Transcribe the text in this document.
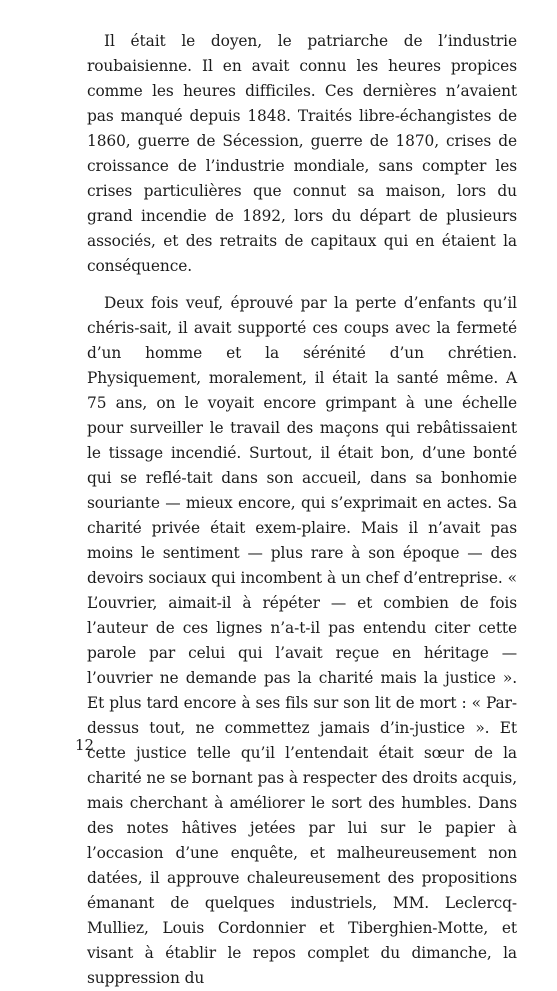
Il était le doyen, le patriarche de l’industrie roubaisienne. Il en avait connu les heures propices comme les heures difficiles. Ces dernières n’avaient pas manqué depuis 1848. Traités libre-échangistes de 1860, guerre de Sécession, guerre de 1870, crises de croissance de l’industrie mondiale, sans compter les crises particulières que connut sa maison, lors du grand incendie de 1892, lors du départ de plusieurs associés, et des retraits de capitaux qui en étaient la conséquence.

Deux fois veuf, éprouvé par la perte d’enfants qu’il chéris-sait, il avait supporté ces coups avec la fermeté d’un homme et la sérénité d’un chrétien. Physiquement, moralement, il était la santé même. A 75 ans, on le voyait encore grimpant à une échelle pour surveiller le travail des maçons qui rebâtissaient le tissage incendié. Surtout, il était bon, d’une bonté qui se reflé-tait dans son accueil, dans sa bonhomie souriante — mieux encore, qui s’exprimait en actes. Sa charité privée était exem-plaire. Mais il n’avait pas moins le sentiment — plus rare à son époque — des devoirs sociaux qui incombent à un chef d’entreprise. « L’ouvrier, aimait-il à répéter — et combien de fois l’auteur de ces lignes n’a-t-il pas entendu citer cette parole par celui qui l’avait reçue en héritage — l’ouvrier ne demande pas la charité mais la justice ». Et plus tard encore à ses fils sur son lit de mort : « Par-dessus tout, ne commettez jamais d’in-justice ». Et cette justice telle qu’il l’entendait était sœur de la charité ne se bornant pas à respecter des droits acquis, mais cherchant à améliorer le sort des humbles. Dans des notes hâtives jetées par lui sur le papier à l’occasion d’une enquête, et malheureusement non datées, il approuve chaleureusement des propositions émanant de quelques industriels, MM. Leclercq-Mulliez, Louis Cordonnier et Tiberghien-Motte, et visant à établir le repos complet du dimanche, la suppression du

12
